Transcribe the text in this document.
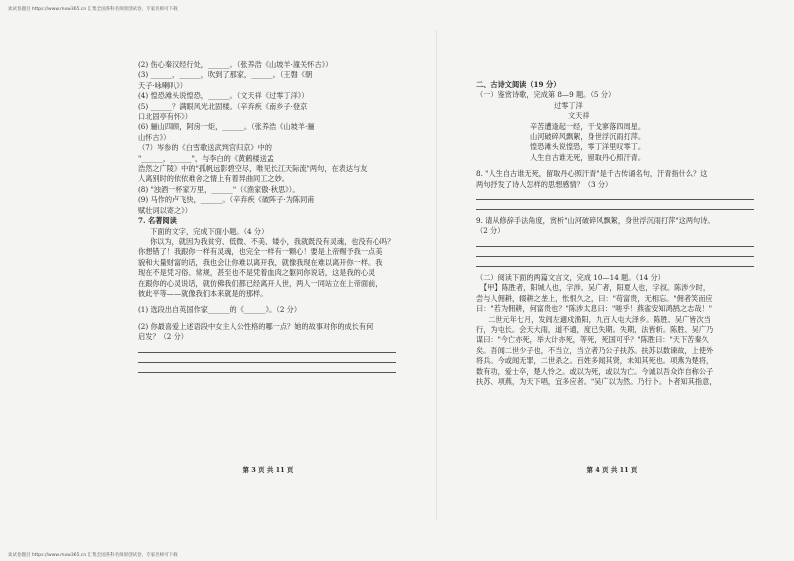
欢试卷题目 https://www.mxw365.cn 汇集全国各科名师原创试卷，专家名师可下载

(2) 伤心秦汉经行处，______。（张养浩《山坡羊·潼关怀古》）

(3) ______，______，吹到了那家，______。（王磐《朝

天子·咏喇叭》）

(4) 惶恐滩头说惶恐，______。（文天祥《过零丁洋》）

(5) ______？满眼风光北固楼。（辛弃疾《南乡子·登京

口北固亭有怀》）

(6) 骊山四顾，阿房一炬，______。（张养浩《山坡羊·骊

山怀古》）

（7）岑参的《白雪歌送武判官归京》中的

"______，______"，与李白的《黄鹤楼送孟

浩然之广陵》中的"孤帆远影碧空尽，唯见长江天际流"两句，在表达与友

人离别时的依依难舍之情上有着异曲同工之妙。

(8) "浊酒一杯家万里，______"（《渔家傲·秋思》）。

(9) 马作的卢飞快，______。（辛弃疾《破阵子·为陈同甫

赋壮词以寄之》）

7. 名著阅读

下面的文字，完成下面小题。（4 分）

你以为，就因为我贫穷、低微、不美、矮小，我就既没有灵魂，也没有心吗？

你想错了！我跟你一样有灵魂，也完全一样有一颗心！要是上帝赐予我一点美

貌和大量财富的话，我也会让你难以离开我，就像我现在难以离开你一样。我

现在不是凭习俗、常规，甚至也不是凭着血肉之躯同你说话，这是我的心灵

在跟你的心灵说话，就仿佛我们都已经离开人世，两人一同站立在上帝面前，

彼此平等——就像我们本来就是的那样。

(1) 选段出自英国作家______的《______》。（2 分）

(2) 你最喜爱上述语段中女主人公性格的哪一点？她的故事对你的成长有何

启发？（2 分）

第 3 页 共 11 页

二、古诗文阅读（19 分）

（一）鉴赏诗歌，完成第 8—9 题。（5 分）

过零丁洋

文天祥

辛苦遭逢起一经，干戈寥落四周星。

山河破碎风飘絮，身世浮沉雨打萍。

惶恐滩头说惶恐，零丁洋里叹零丁。

人生自古谁无死，留取丹心照汗青。

8. "人生自古谁无死，留取丹心照汗青"是千古传诵名句，汗青指什么？这

两句抒发了诗人怎样的思想感情？（3 分）

9. 请从修辞手法角度，赏析"山河破碎风飘絮，身世浮沉雨打萍"这两句诗。

（2 分）

（二）阅读下面的两篇文言文，完成 10—14 题。（14 分）

【甲】陈胜者，阳城人也，字涉。吴广者，阳夏人也，字叔。陈涉少时，

尝与人佣耕，辍耕之垄上，怅恨久之，曰："苟富贵，无相忘。"佣者笑而应

曰："若为佣耕，何富贵也？"陈涉太息曰："嗟乎！燕雀安知鸿鹄之志哉！"

二世元年七月，发闾左適戍渔阳，九百人屯大泽乡。陈胜、吴广皆次当

行，为屯长。会天大雨，道不通，度已失期。失期，法皆斩。陈胜、吴广乃

谋曰："今亡亦死，举大计亦死，等死，死国可乎？"陈胜曰："天下苦秦久

矣。吾闻二世少子也，不当立，当立者乃公子扶苏。扶苏以数谏故，上使外

将兵。今或闻无罪，二世杀之。百姓多闻其贤，未知其死也。项燕为楚将，

数有功，爱士卒，楚人怜之。或以为死，或以为亡。今诚以吾众诈自称公子

扶苏、项燕，为天下唱，宜多应者。"吴广以为然。乃行卜。卜者知其指意，

第 4 页 共 11 页
欢试卷题目 https://www.mxw365.cn 汇集全国各科名师原创试卷，专家名师可下载
